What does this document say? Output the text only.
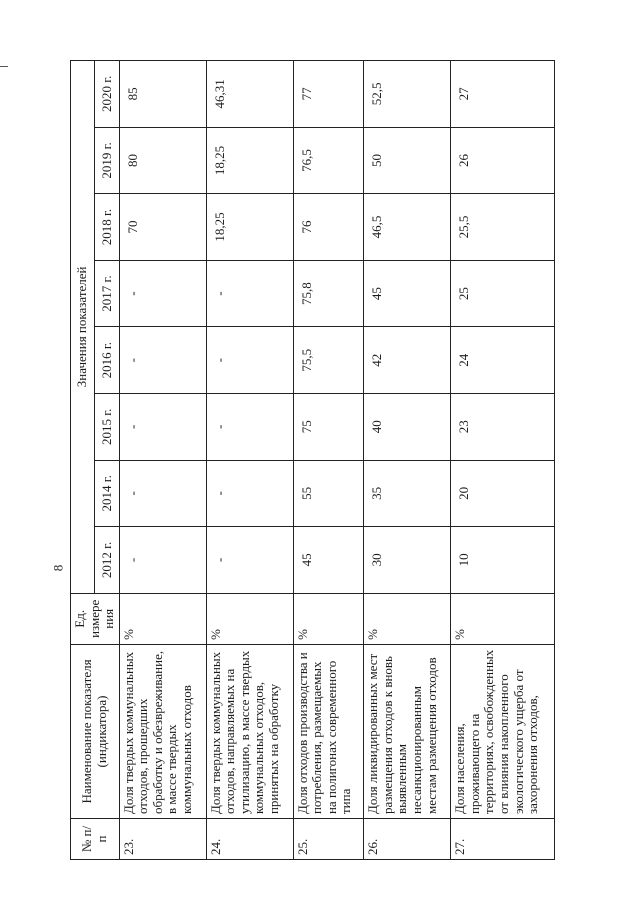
8
№ п/п	Наименование показателя (индикатора)	Ед. измере ния	Значения показателей							
			2012 г.	2014 г.	2015 г.	2016 г.	2017 г.	2018 г.	2019 г.	2020 г.
23.	Доля твердых коммунальных отходов, прошедших обработку и обезвреживание, в массе твердых коммунальных отходов	%	-	-	-	-	-	70	80	85
24.	Доля твердых коммунальных отходов, направляемых на утилизацию, в массе твердых коммунальных отходов, принятых на обработку	%	-	-	-	-	-	18,25	18,25	46,31
25.	Доля отходов производства и потребления, размещаемых на полигонах современного типа	%	45	55	75	75,5	75,8	76	76,5	77
26.	Доля ликвидированных мест размещения отходов к вновь выявленным несанкционированным местам размещения отходов	%	30	35	40	42	45	46,5	50	52,5
27.	Доля населения, проживающего на территориях, освобожденных от влияния накопленного экологического ущерба от захоронения отходов,	%	10	20	23	24	25	25,5	26	27
